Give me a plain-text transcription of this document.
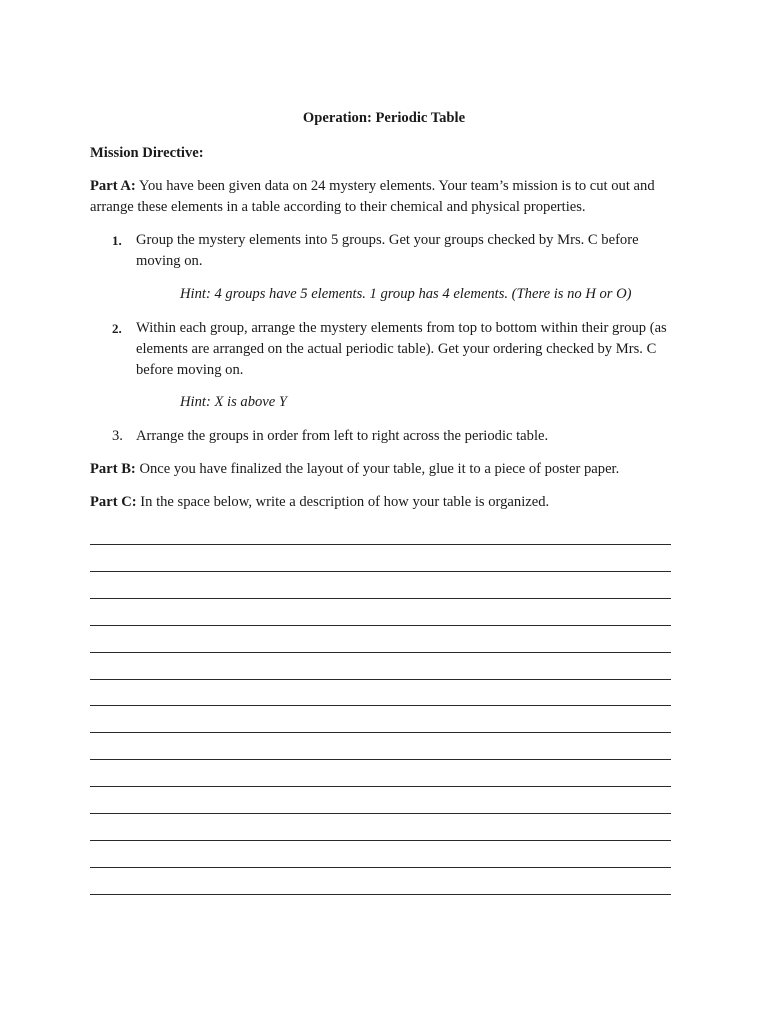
Operation: Periodic Table
Mission Directive:
Part A: You have been given data on 24 mystery elements. Your team’s mission is to cut out and arrange these elements in a table according to their chemical and physical properties.
1. Group the mystery elements into 5 groups. Get your groups checked by Mrs. C before moving on.
Hint: 4 groups have 5 elements. 1 group has 4 elements. (There is no H or O)
2. Within each group, arrange the mystery elements from top to bottom within their group (as elements are arranged on the actual periodic table). Get your ordering checked by Mrs. C before moving on.
Hint: X is above Y
3. Arrange the groups in order from left to right across the periodic table.
Part B: Once you have finalized the layout of your table, glue it to a piece of poster paper.
Part C: In the space below, write a description of how your table is organized.
